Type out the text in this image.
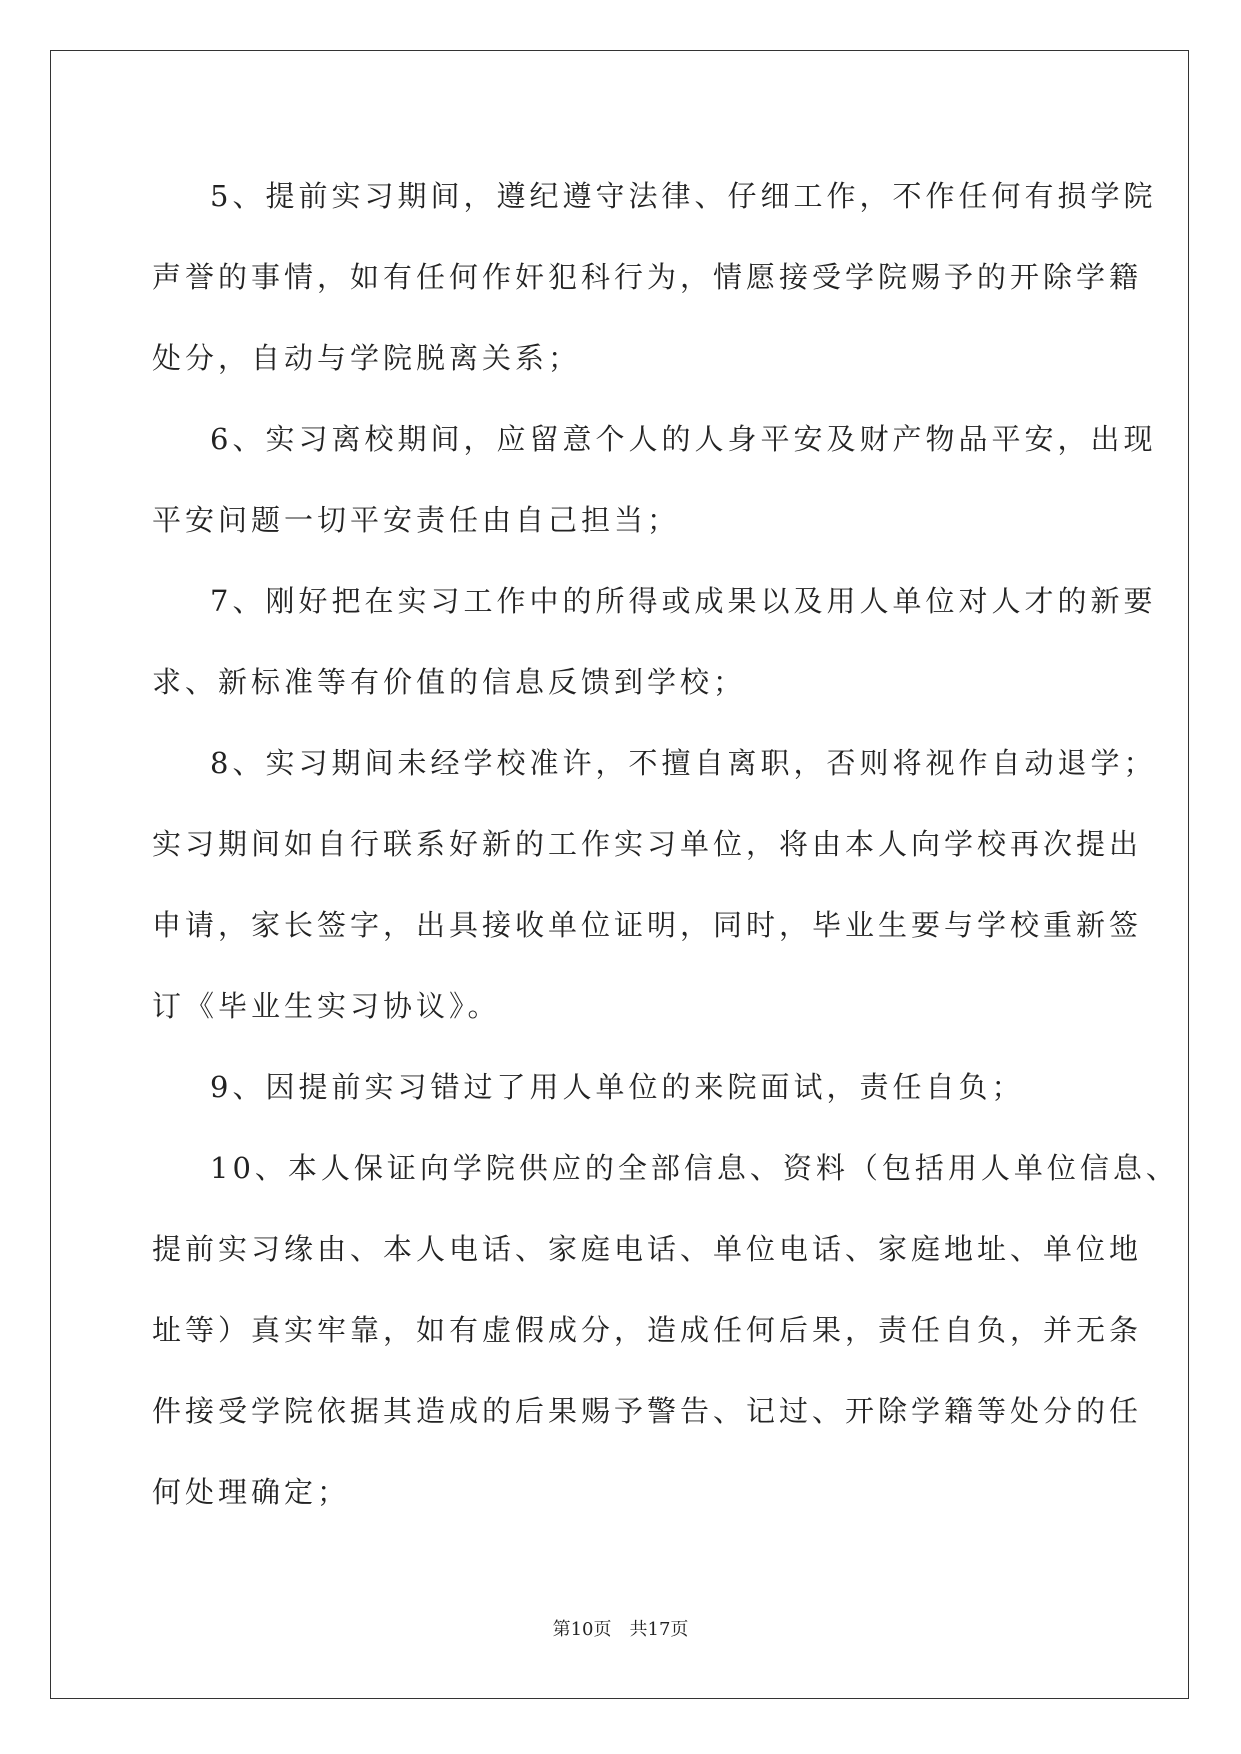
5、提前实习期间，遵纪遵守法律、仔细工作，不作任何有损学院
声誉的事情，如有任何作奸犯科行为，情愿接受学院赐予的开除学籍
处分，自动与学院脱离关系；
6、实习离校期间，应留意个人的人身平安及财产物品平安，出现
平安问题一切平安责任由自己担当；
7、刚好把在实习工作中的所得或成果以及用人单位对人才的新要
求、新标准等有价值的信息反馈到学校；
8、实习期间未经学校准许，不擅自离职，否则将视作自动退学；
实习期间如自行联系好新的工作实习单位，将由本人向学校再次提出
申请，家长签字，出具接收单位证明，同时，毕业生要与学校重新签
订《毕业生实习协议》。
9、因提前实习错过了用人单位的来院面试，责任自负；
10、本人保证向学院供应的全部信息、资料（包括用人单位信息、
提前实习缘由、本人电话、家庭电话、单位电话、家庭地址、单位地
址等）真实牢靠，如有虚假成分，造成任何后果，责任自负，并无条
件接受学院依据其造成的后果赐予警告、记过、开除学籍等处分的任
何处理确定；
第10页　共17页
